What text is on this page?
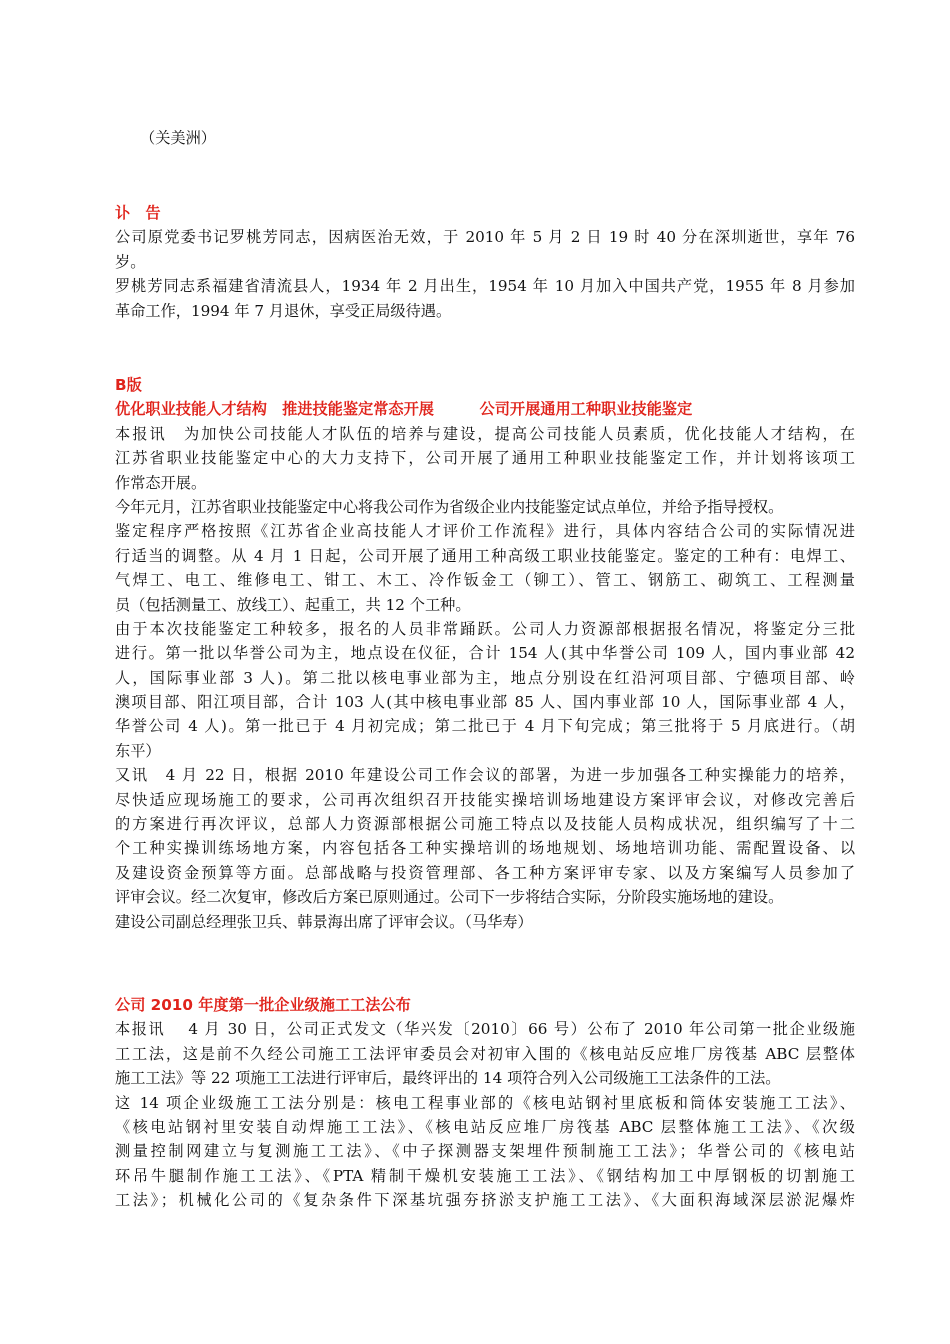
（关美洲）
讣　告
公司原党委书记罗桃芳同志，因病医治无效，于 2010 年 5 月 2 日 19 时 40 分在深圳逝世，享年 76
岁。
罗桃芳同志系福建省清流县人，1934 年 2 月出生，1954 年 10 月加入中国共产党，1955 年 8 月参加
革命工作，1994 年 7 月退休，享受正局级待遇。
B版
优化职业技能人才结构　推进技能鉴定常态开展　　　公司开展通用工种职业技能鉴定
本报讯　为加快公司技能人才队伍的培养与建设，提高公司技能人员素质，优化技能人才结构，在
江苏省职业技能鉴定中心的大力支持下，公司开展了通用工种职业技能鉴定工作，并计划将该项工
作常态开展。
今年元月，江苏省职业技能鉴定中心将我公司作为省级企业内技能鉴定试点单位，并给予指导授权。
鉴定程序严格按照《江苏省企业高技能人才评价工作流程》进行，具体内容结合公司的实际情况进
行适当的调整。从 4 月 1 日起，公司开展了通用工种高级工职业技能鉴定。鉴定的工种有：电焊工、
气焊工、电工、维修电工、钳工、木工、冷作钣金工（铆工）、管工、钢筋工、砌筑工、工程测量
员（包括测量工、放线工）、起重工，共 12 个工种。
由于本次技能鉴定工种较多，报名的人员非常踊跃。公司人力资源部根据报名情况，将鉴定分三批
进行。第一批以华誉公司为主，地点设在仪征，合计 154 人(其中华誉公司 109 人，国内事业部 42
人，国际事业部 3 人)。第二批以核电事业部为主，地点分别设在红沿河项目部、宁德项目部、岭
澳项目部、阳江项目部，合计 103 人(其中核电事业部 85 人、国内事业部 10 人，国际事业部 4 人，
华誉公司 4 人)。第一批已于 4 月初完成；第二批已于 4 月下旬完成；第三批将于 5 月底进行。（胡
东平）
又讯　4 月 22 日，根据 2010 年建设公司工作会议的部署，为进一步加强各工种实操能力的培养，
尽快适应现场施工的要求，公司再次组织召开技能实操培训场地建设方案评审会议，对修改完善后
的方案进行再次评议，总部人力资源部根据公司施工特点以及技能人员构成状况，组织编写了十二
个工种实操训练场地方案，内容包括各工种实操培训的场地规划、场地培训功能、需配置设备、以
及建设资金预算等方面。总部战略与投资管理部、各工种方案评审专家、以及方案编写人员参加了
评审会议。经二次复审，修改后方案已原则通过。公司下一步将结合实际，分阶段实施场地的建设。
建设公司副总经理张卫兵、韩景海出席了评审会议。（马华寿）
公司 2010 年度第一批企业级施工工法公布
本报讯　 4 月 30 日，公司正式发文（华兴发〔2010〕66 号）公布了 2010 年公司第一批企业级施
工工法，这是前不久经公司施工工法评审委员会对初审入围的《核电站反应堆厂房筏基 ABC 层整体
施工工法》等 22 项施工工法进行评审后，最终评出的 14 项符合列入公司级施工工法条件的工法。
这 14 项企业级施工工法分别是：核电工程事业部的《核电站钢衬里底板和筒体安装施工工法》、
《核电站钢衬里安装自动焊施工工法》、《核电站反应堆厂房筏基 ABC 层整体施工工法》、《次级
测量控制网建立与复测施工工法》、《中子探测器支架埋件预制施工工法》；华誉公司的《核电站
环吊牛腿制作施工工法》、《PTA 精制干燥机安装施工工法》、《钢结构加工中厚钢板的切割施工
工法》；机械化公司的《复杂条件下深基坑强夯挤淤支护施工工法》、《大面积海域深层淤泥爆炸
